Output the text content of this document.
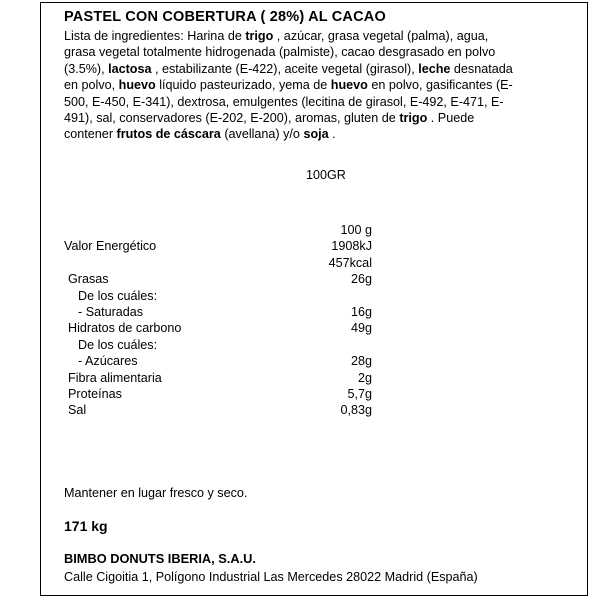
PASTEL CON COBERTURA ( 28%) AL CACAO
Lista de ingredientes: Harina de trigo , azúcar, grasa vegetal (palma), agua, grasa vegetal totalmente hidrogenada (palmiste), cacao desgrasado en polvo (3.5%), lactosa , estabilizante (E-422), aceite vegetal (girasol), leche desnatada en polvo, huevo líquido pasteurizado, yema de huevo en polvo, gasificantes (E-500, E-450, E-341), dextrosa, emulgentes (lecitina de girasol, E-492, E-471, E-491), sal, conservadores (E-202, E-200), aromas, gluten de trigo . Puede contener frutos de cáscara (avellana) y/o soja .
100GR
100 g
Valor Energético	1908kJ
457kcal
Grasas	26g
De los cuáles:
- Saturadas	16g
Hidratos de carbono	49g
De los cuáles:
- Azúcares	28g
Fibra alimentaria	2g
Proteínas	5,7g
Sal	0,83g
Mantener en lugar fresco y seco.
171 kg
BIMBO DONUTS IBERIA, S.A.U.
Calle Cigoitia 1, Polígono Industrial Las Mercedes 28022 Madrid (España)
